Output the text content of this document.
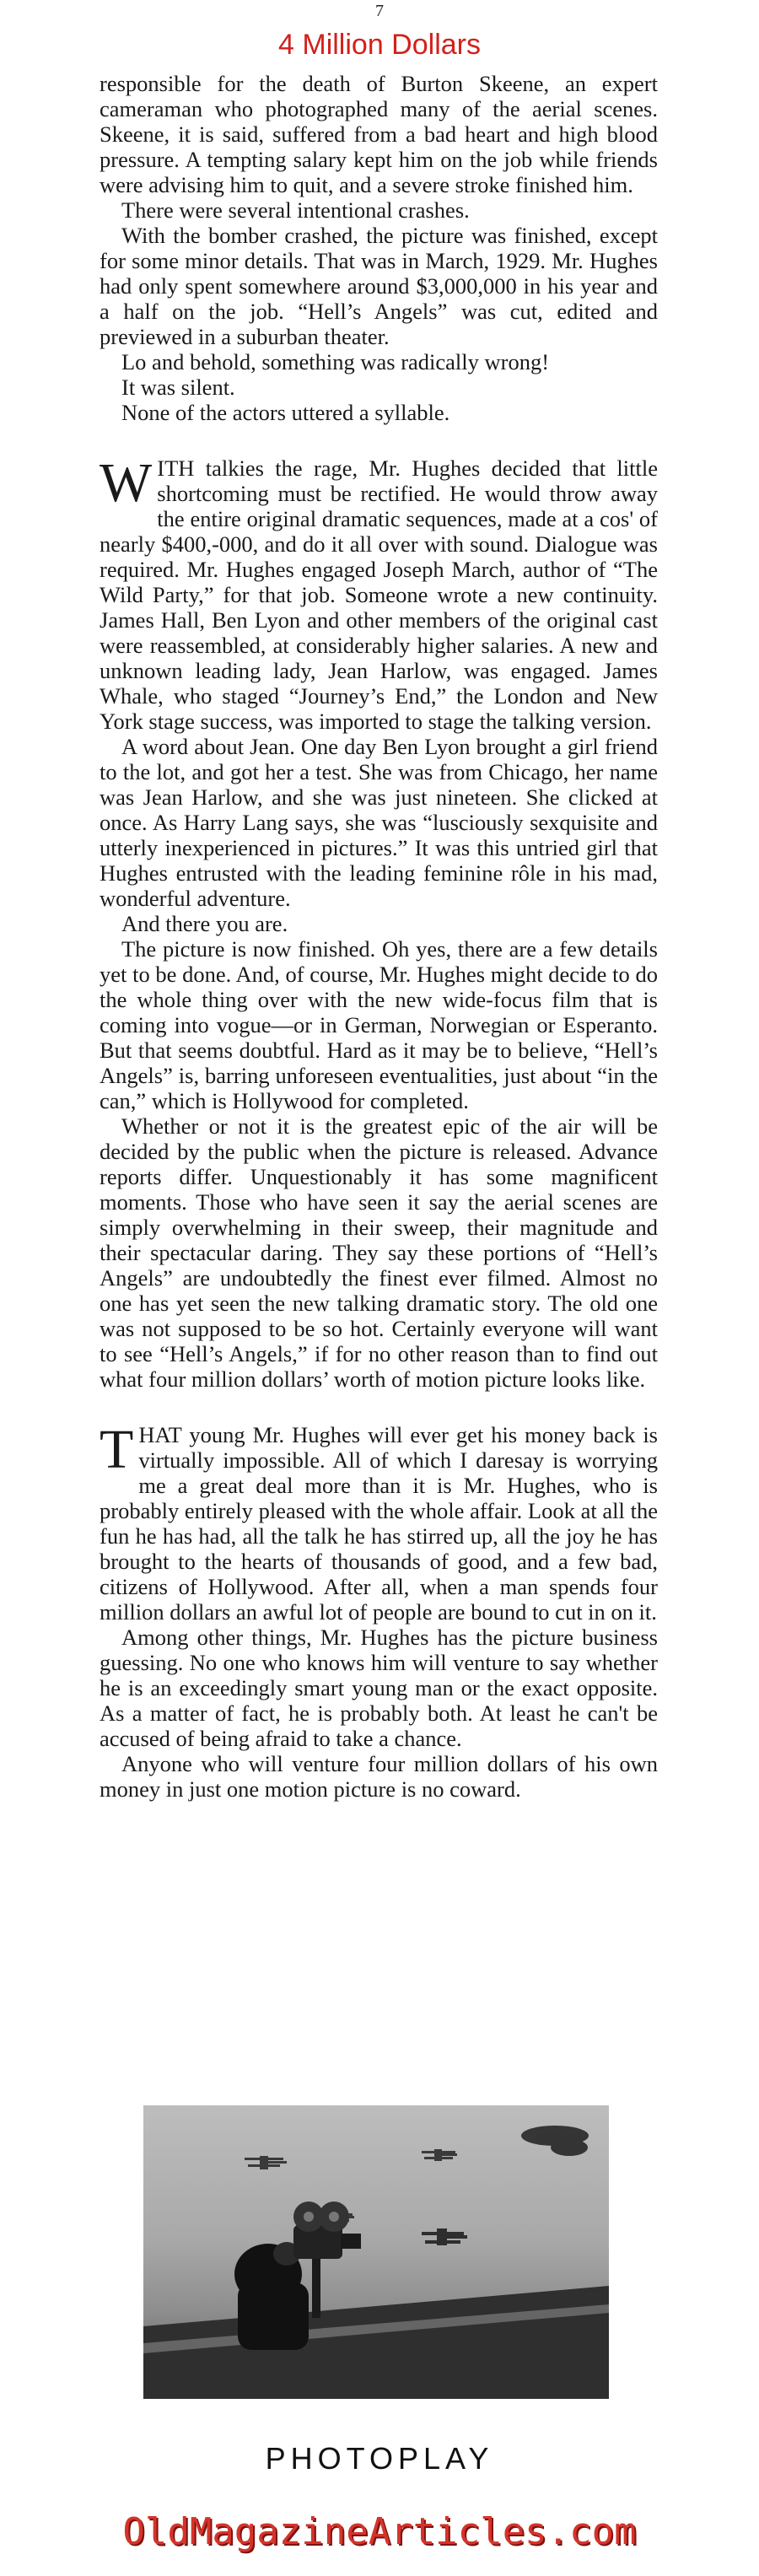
7
4 Million Dollars

responsible for the death of Burton Skeene, an expert cameraman who photographed many of the aerial scenes. Skeene, it is said, suffered from a bad heart and high blood pressure. A tempting salary kept him on the job while friends were advising him to quit, and a severe stroke finished him.

There were several intentional crashes.

With the bomber crashed, the picture was finished, except for some minor details. That was in March, 1929. Mr. Hughes had only spent somewhere around $3,000,000 in his year and a half on the job. “Hell’s Angels” was cut, edited and previewed in a suburban theater.

Lo and behold, something was radically wrong!

It was silent.

None of the actors uttered a syllable.

WITH talkies the rage, Mr. Hughes decided that little shortcoming must be rectified. He would throw away the entire original dramatic sequences, made at a cos' of nearly $400,-000, and do it all over with sound. Dialogue was required. Mr. Hughes engaged Joseph March, author of “The Wild Party,” for that job. Someone wrote a new continuity. James Hall, Ben Lyon and other members of the original cast were reassembled, at considerably higher salaries. A new and unknown leading lady, Jean Harlow, was engaged. James Whale, who staged “Journey’s End,” the London and New York stage success, was imported to stage the talking version.

A word about Jean. One day Ben Lyon brought a girl friend to the lot, and got her a test. She was from Chicago, her name was Jean Harlow, and she was just nineteen. She clicked at once. As Harry Lang says, she was “lusciously sexquisite and utterly inexperienced in pictures.” It was this untried girl that Hughes entrusted with the leading feminine rôle in his mad, wonderful adventure.

And there you are.

The picture is now finished. Oh yes, there are a few details yet to be done. And, of course, Mr. Hughes might decide to do the whole thing over with the new wide-focus film that is coming into vogue—or in German, Norwegian or Esperanto. But that seems doubtful. Hard as it may be to believe, “Hell’s Angels” is, barring unforeseen eventualities, just about “in the can,” which is Hollywood for completed.

Whether or not it is the greatest epic of the air will be decided by the public when the picture is released. Advance reports differ. Unquestionably it has some magnificent moments. Those who have seen it say the aerial scenes are simply overwhelming in their sweep, their magnitude and their spectacular daring. They say these portions of “Hell’s Angels” are undoubtedly the finest ever filmed. Almost no one has yet seen the new talking dramatic story. The old one was not supposed to be so hot. Certainly everyone will want to see “Hell’s Angels,” if for no other reason than to find out what four million dollars’ worth of motion picture looks like.

THAT young Mr. Hughes will ever get his money back is virtually impossible. All of which I daresay is worrying me a great deal more than it is Mr. Hughes, who is probably entirely pleased with the whole affair. Look at all the fun he has had, all the talk he has stirred up, all the joy he has brought to the hearts of thousands of good, and a few bad, citizens of Hollywood. After all, when a man spends four million dollars an awful lot of people are bound to cut in on it.

Among other things, Mr. Hughes has the picture business guessing. No one who knows him will venture to say whether he is an exceedingly smart young man or the exact opposite. As a matter of fact, he is probably both. At least he can't be accused of being afraid to take a chance.

Anyone who will venture four million dollars of his own money in just one motion picture is no coward.

PHOTOPLAY
OldMagazineArticles.com
